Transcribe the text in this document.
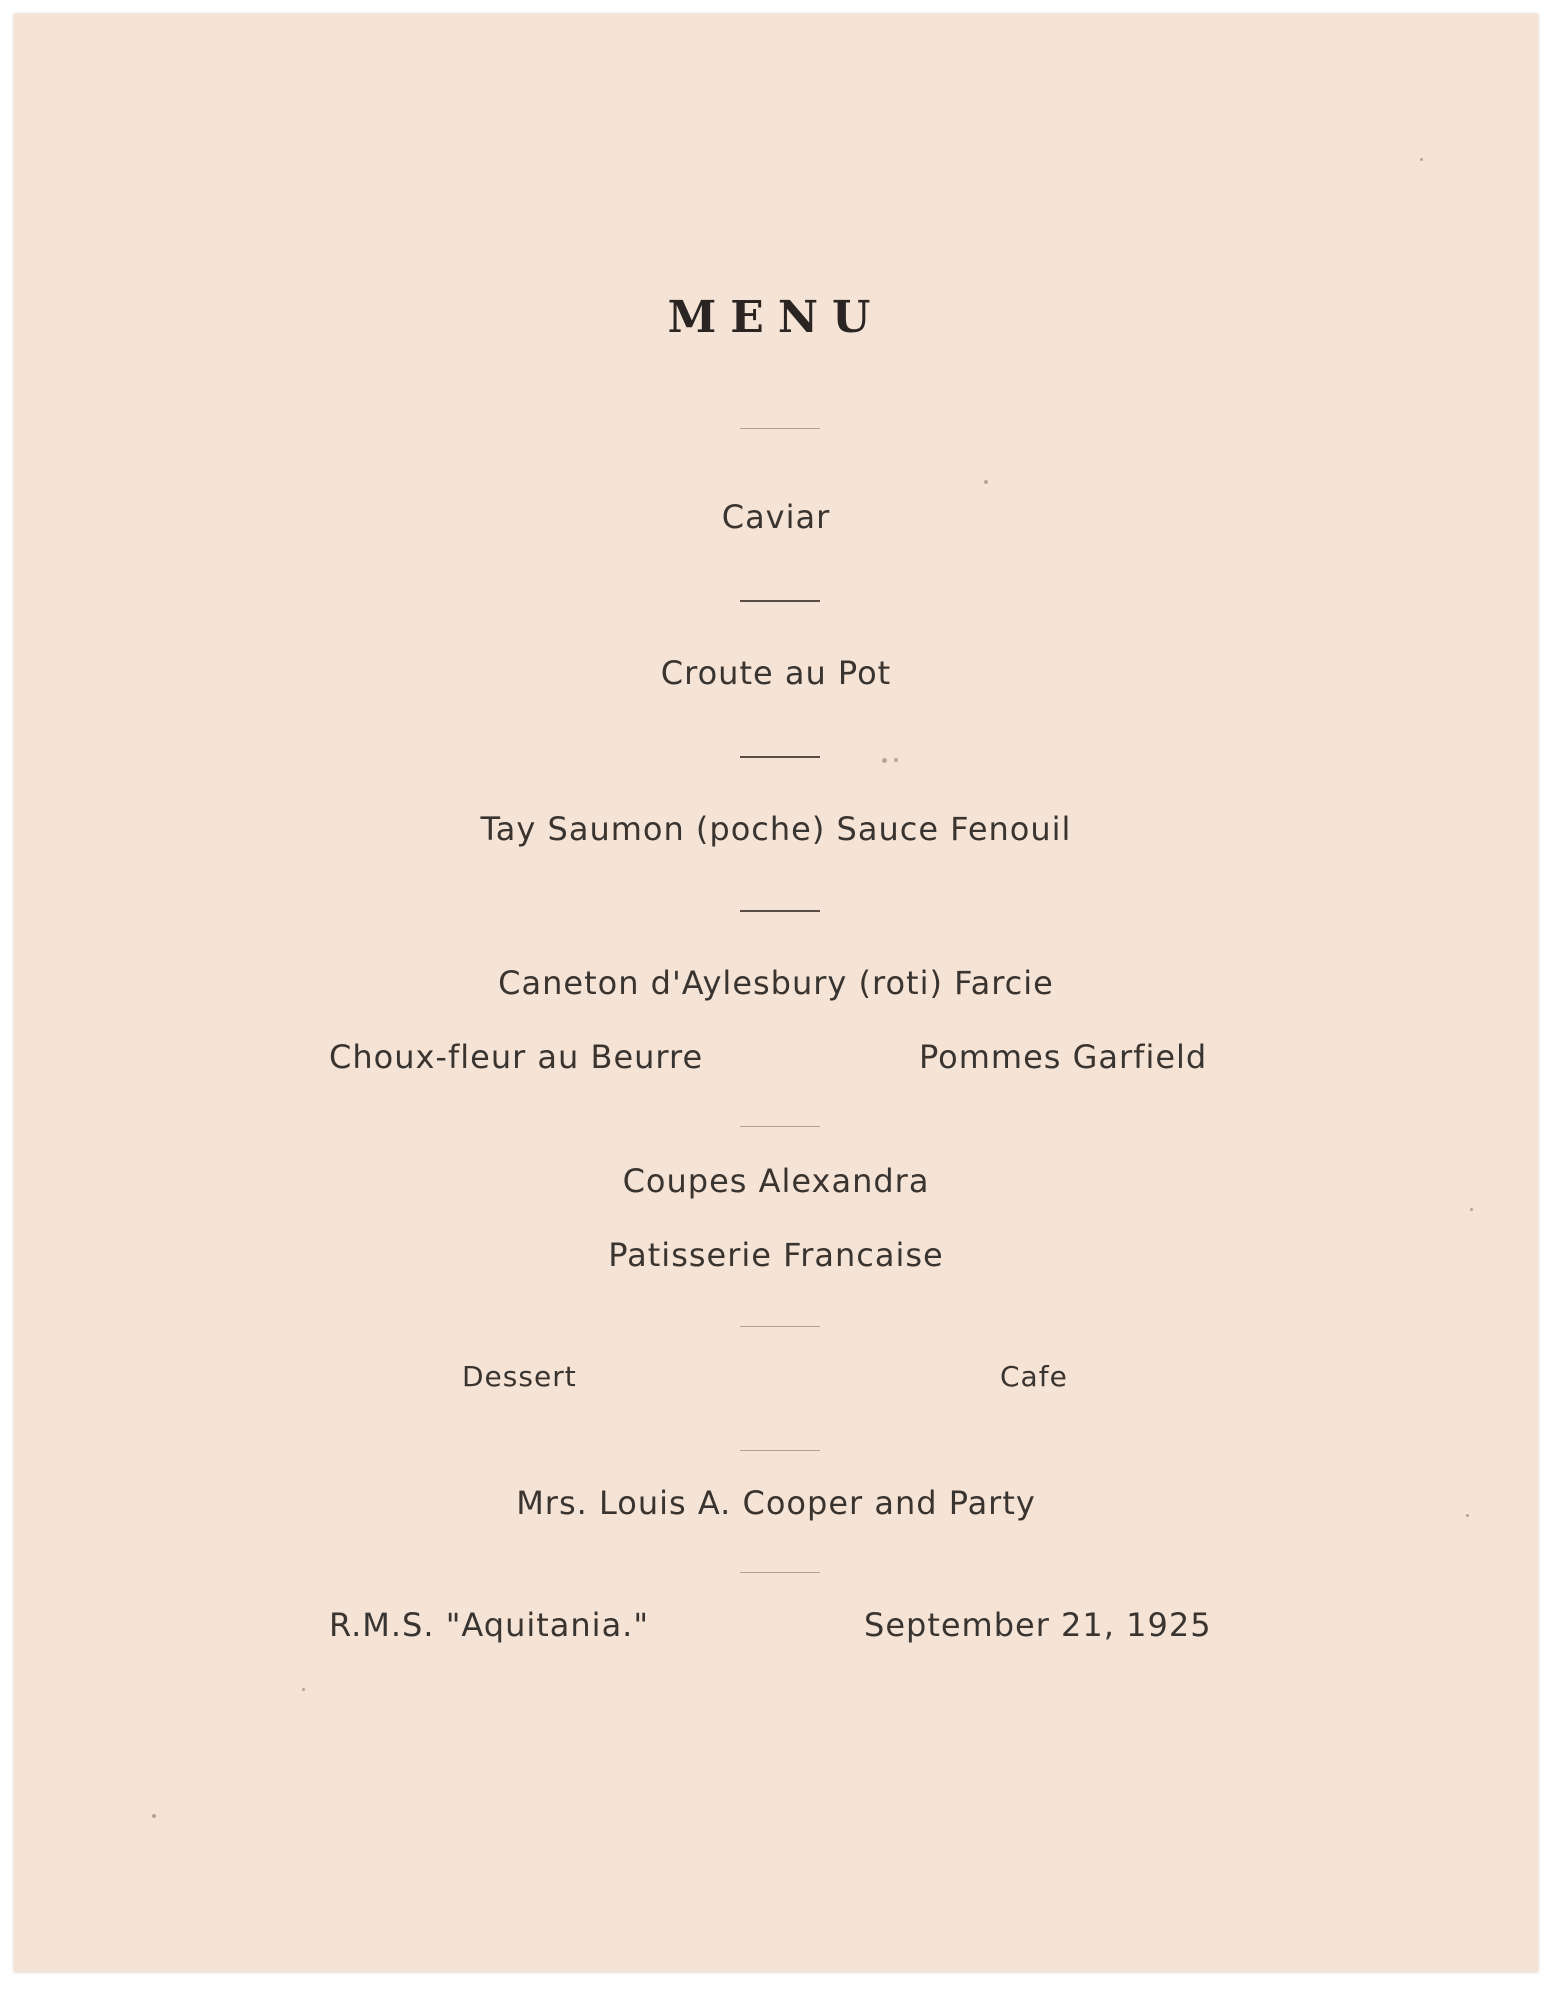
MENU
Caviar
Croute au Pot
Tay Saumon (poche) Sauce Fenouil
Caneton d'Aylesbury (roti) Farcie
Choux-fleur au Beurre	Pommes Garfield
Coupes Alexandra
Patisserie Francaise
Dessert	Cafe
Mrs. Louis A. Cooper and Party
R.M.S. "Aquitania."	September 21, 1925
